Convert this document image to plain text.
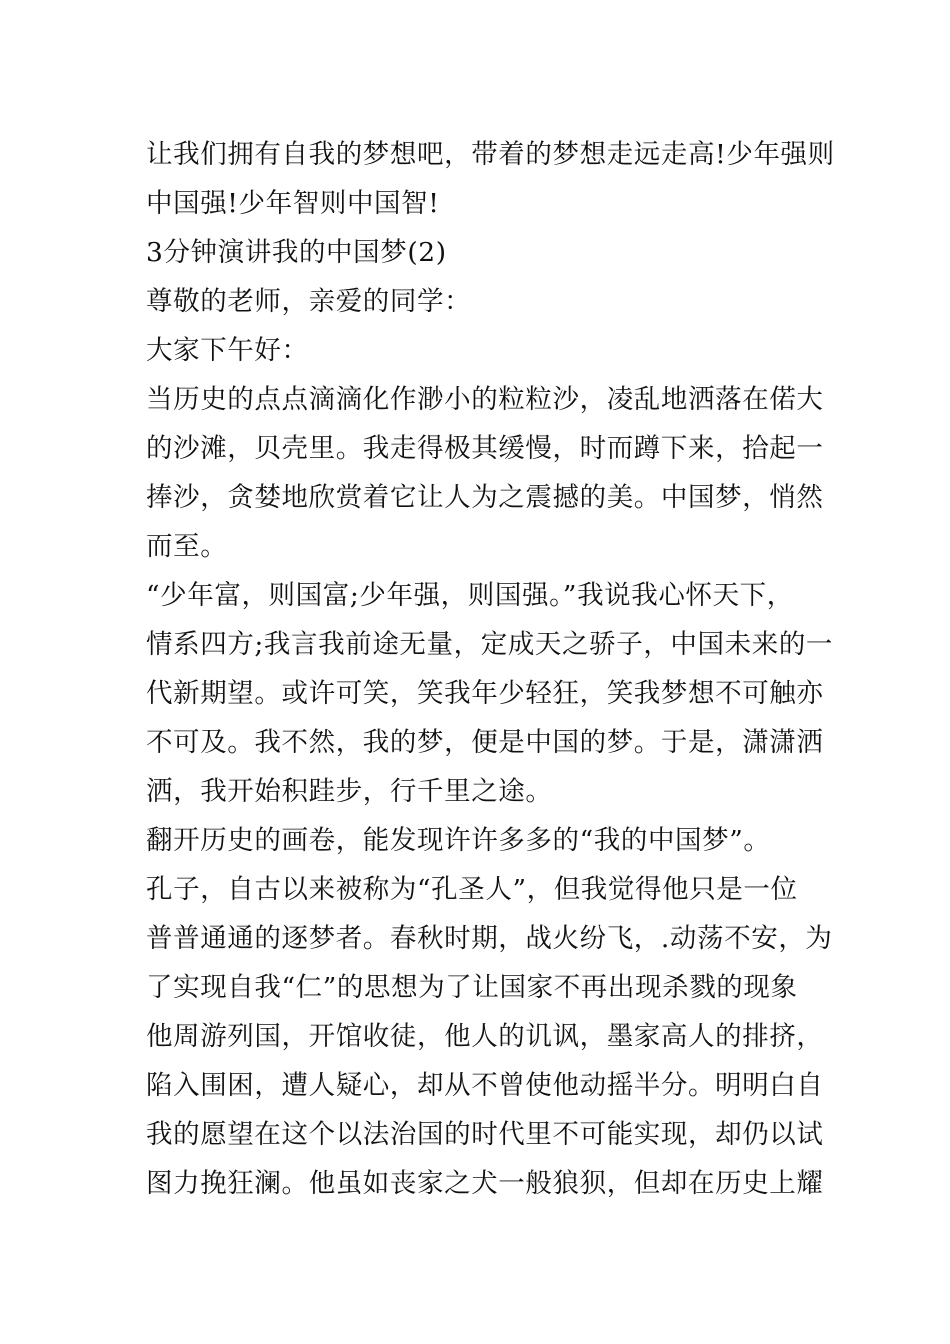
让我们拥有自我的梦想吧，带着的梦想走远走高!少年强则
中国强!少年智则中国智!
3分钟演讲我的中国梦(2)
尊敬的老师，亲爱的同学：
大家下午好：
当历史的点点滴滴化作渺小的粒粒沙，凌乱地洒落在偌大
的沙滩，贝壳里。我走得极其缓慢，时而蹲下来，拾起一
捧沙，贪婪地欣赏着它让人为之震撼的美。中国梦，悄然
而至。
“少年富，则国富;少年强，则国强。”我说我心怀天下，
情系四方;我言我前途无量，定成天之骄子，中国未来的一
代新期望。或许可笑，笑我年少轻狂，笑我梦想不可触亦
不可及。我不然，我的梦，便是中国的梦。于是，潇潇洒
洒，我开始积跬步，行千里之途。
翻开历史的画卷，能发现许许多多的“我的中国梦”。
孔子，自古以来被称为“孔圣人”，但我觉得他只是一位
普普通通的逐梦者。春秋时期，战火纷飞，.动荡不安，为
了实现自我“仁”的思想为了让国家不再出现杀戮的现象
他周游列国，开馆收徒，他人的讥讽，墨家高人的排挤，
陷入围困，遭人疑心，却从不曾使他动摇半分。明明白自
我的愿望在这个以法治国的时代里不可能实现，却仍以试
图力挽狂澜。他虽如丧家之犬一般狼狈，但却在历史上耀
